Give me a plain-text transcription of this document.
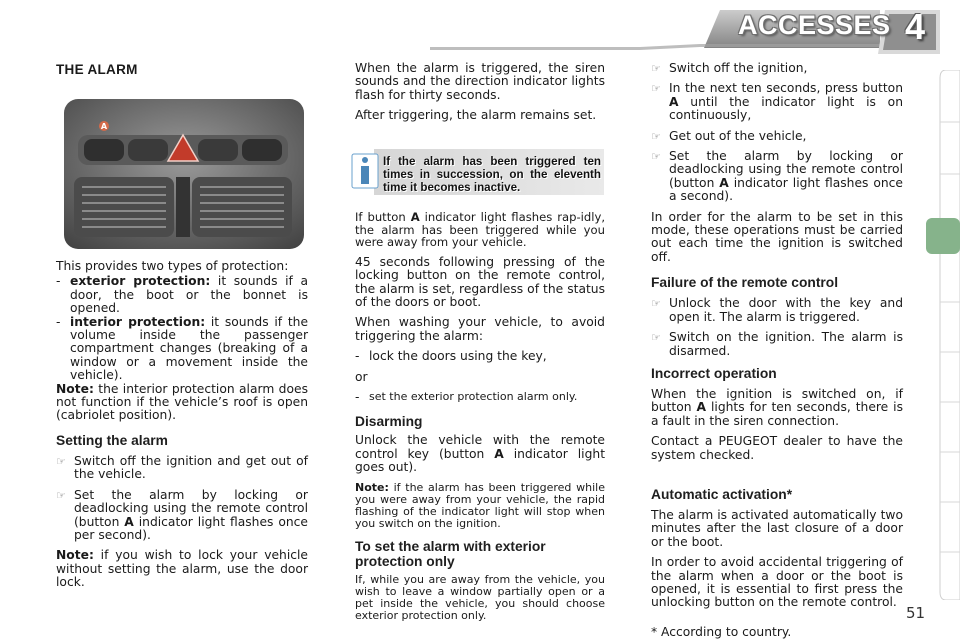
ACCESSES 4
THE ALARM
A

This provides two types of protection:

- exterior protection: it sounds if a door, the boot or the bonnet is opened.
- interior protection: it sounds if the volume inside the passenger compartment changes (breaking of a window or a movement inside the vehicle).

Note: the interior protection alarm does not function if the vehicle’s roof is open (cabriolet position).

Setting the alarm
☞ Switch off the ignition and get out of the vehicle.
☞ Set the alarm by locking or deadlocking using the remote control (button A indicator light flashes once per second).

Note: if you wish to lock your vehicle without setting the alarm, use the door lock.

When the alarm is triggered, the siren sounds and the direction indicator lights flash for thirty seconds.

After triggering, the alarm remains set.

If the alarm has been triggered ten times in succession, on the eleventh time it becomes inactive.

If button A indicator light flashes rap-idly, the alarm has been triggered while you were away from your vehicle.

45 seconds following pressing of the locking button on the remote control, the alarm is set, regardless of the status of the doors or boot.

When washing your vehicle, to avoid triggering the alarm:

- lock the doors using the key,

or

- set the exterior protection alarm only.
Disarming

Unlock the vehicle with the remote control key (button A indicator light goes out).

Note: if the alarm has been triggered while you were away from your vehicle, the rapid flashing of the indicator light will stop when you switch on the ignition.

To set the alarm with exterior protection only

If, while you are away from the vehicle, you wish to leave a window partially open or a pet inside the vehicle, you should choose exterior protection only.

☞ Switch off the ignition,
☞ In the next ten seconds, press button A until the indicator light is on continuously,
☞ Get out of the vehicle,
☞ Set the alarm by locking or deadlocking using the remote control (button A indicator light flashes once a second).

In order for the alarm to be set in this mode, these operations must be carried out each time the ignition is switched off.

Failure of the remote control
☞ Unlock the door with the key and open it. The alarm is triggered.
☞ Switch on the ignition. The alarm is disarmed.
Incorrect operation

When the ignition is switched on, if button A lights for ten seconds, there is a fault in the siren connection.

Contact a PEUGEOT dealer to have the system checked.

Automatic activation*

The alarm is activated automatically two minutes after the last closure of a door or the boot.

In order to avoid accidental triggering of the alarm when a door or the boot is opened, it is essential to first press the unlocking button on the remote control.

* According to country.

51
